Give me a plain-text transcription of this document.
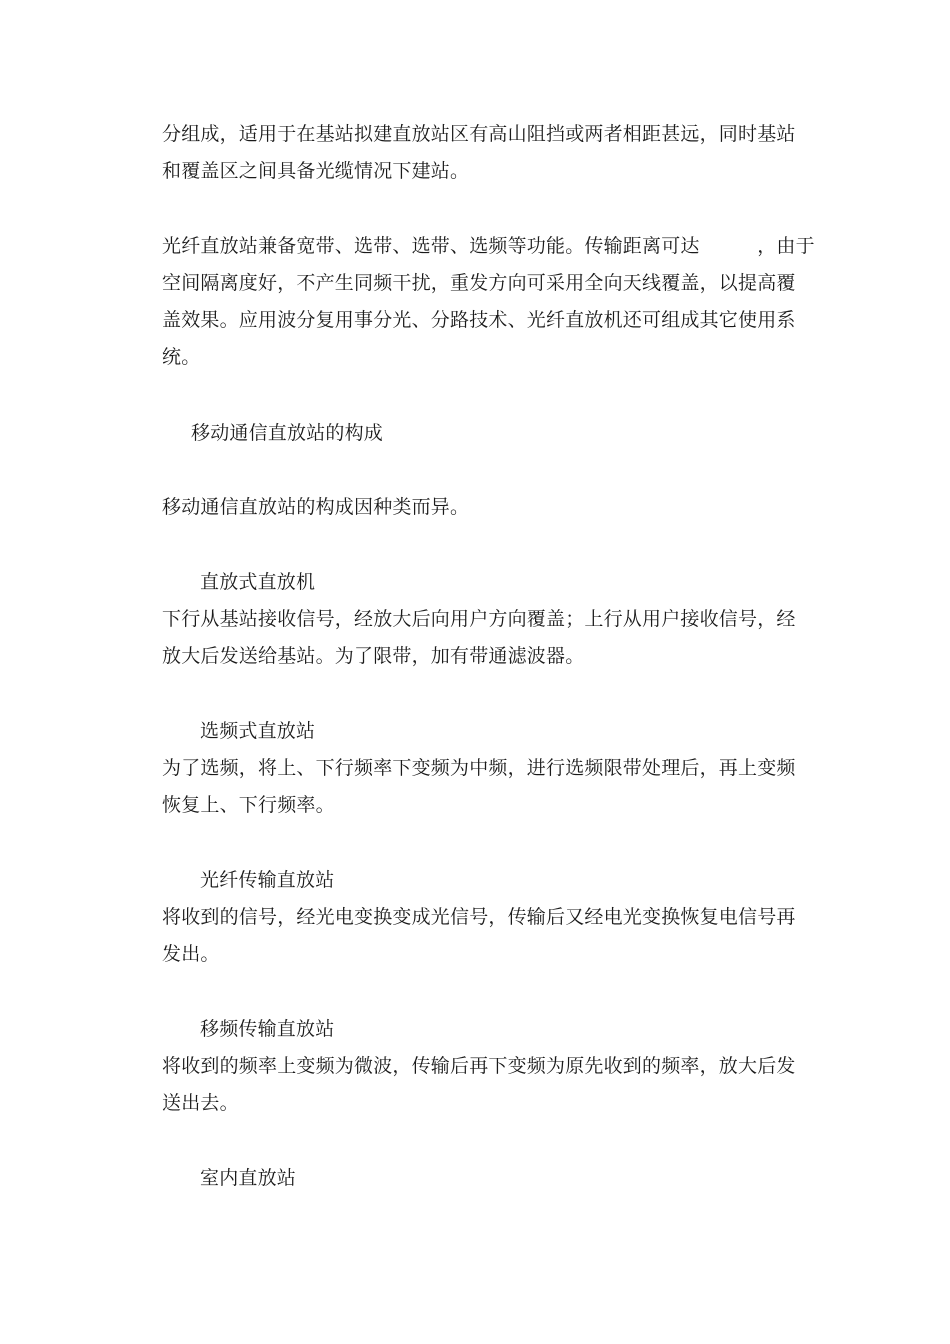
分组成，适用于在基站拟建直放站区有高山阻挡或两者相距甚远，同时基站
和覆盖区之间具备光缆情况下建站。
光纤直放站兼备宽带、选带、选带、选频等功能。传输距离可达　　　，由于
空间隔离度好，不产生同频干扰，重发方向可采用全向天线覆盖，以提高覆
盖效果。应用波分复用事分光、分路技术、光纤直放机还可组成其它使用系
统。
移动通信直放站的构成
移动通信直放站的构成因种类而异。
直放式直放机
下行从基站接收信号，经放大后向用户方向覆盖；上行从用户接收信号，经
放大后发送给基站。为了限带，加有带通滤波器。
选频式直放站
为了选频，将上、下行频率下变频为中频，进行选频限带处理后，再上变频
恢复上、下行频率。
光纤传输直放站
将收到的信号，经光电变换变成光信号，传输后又经电光变换恢复电信号再
发出。
移频传输直放站
将收到的频率上变频为微波，传输后再下变频为原先收到的频率，放大后发
送出去。
室内直放站
